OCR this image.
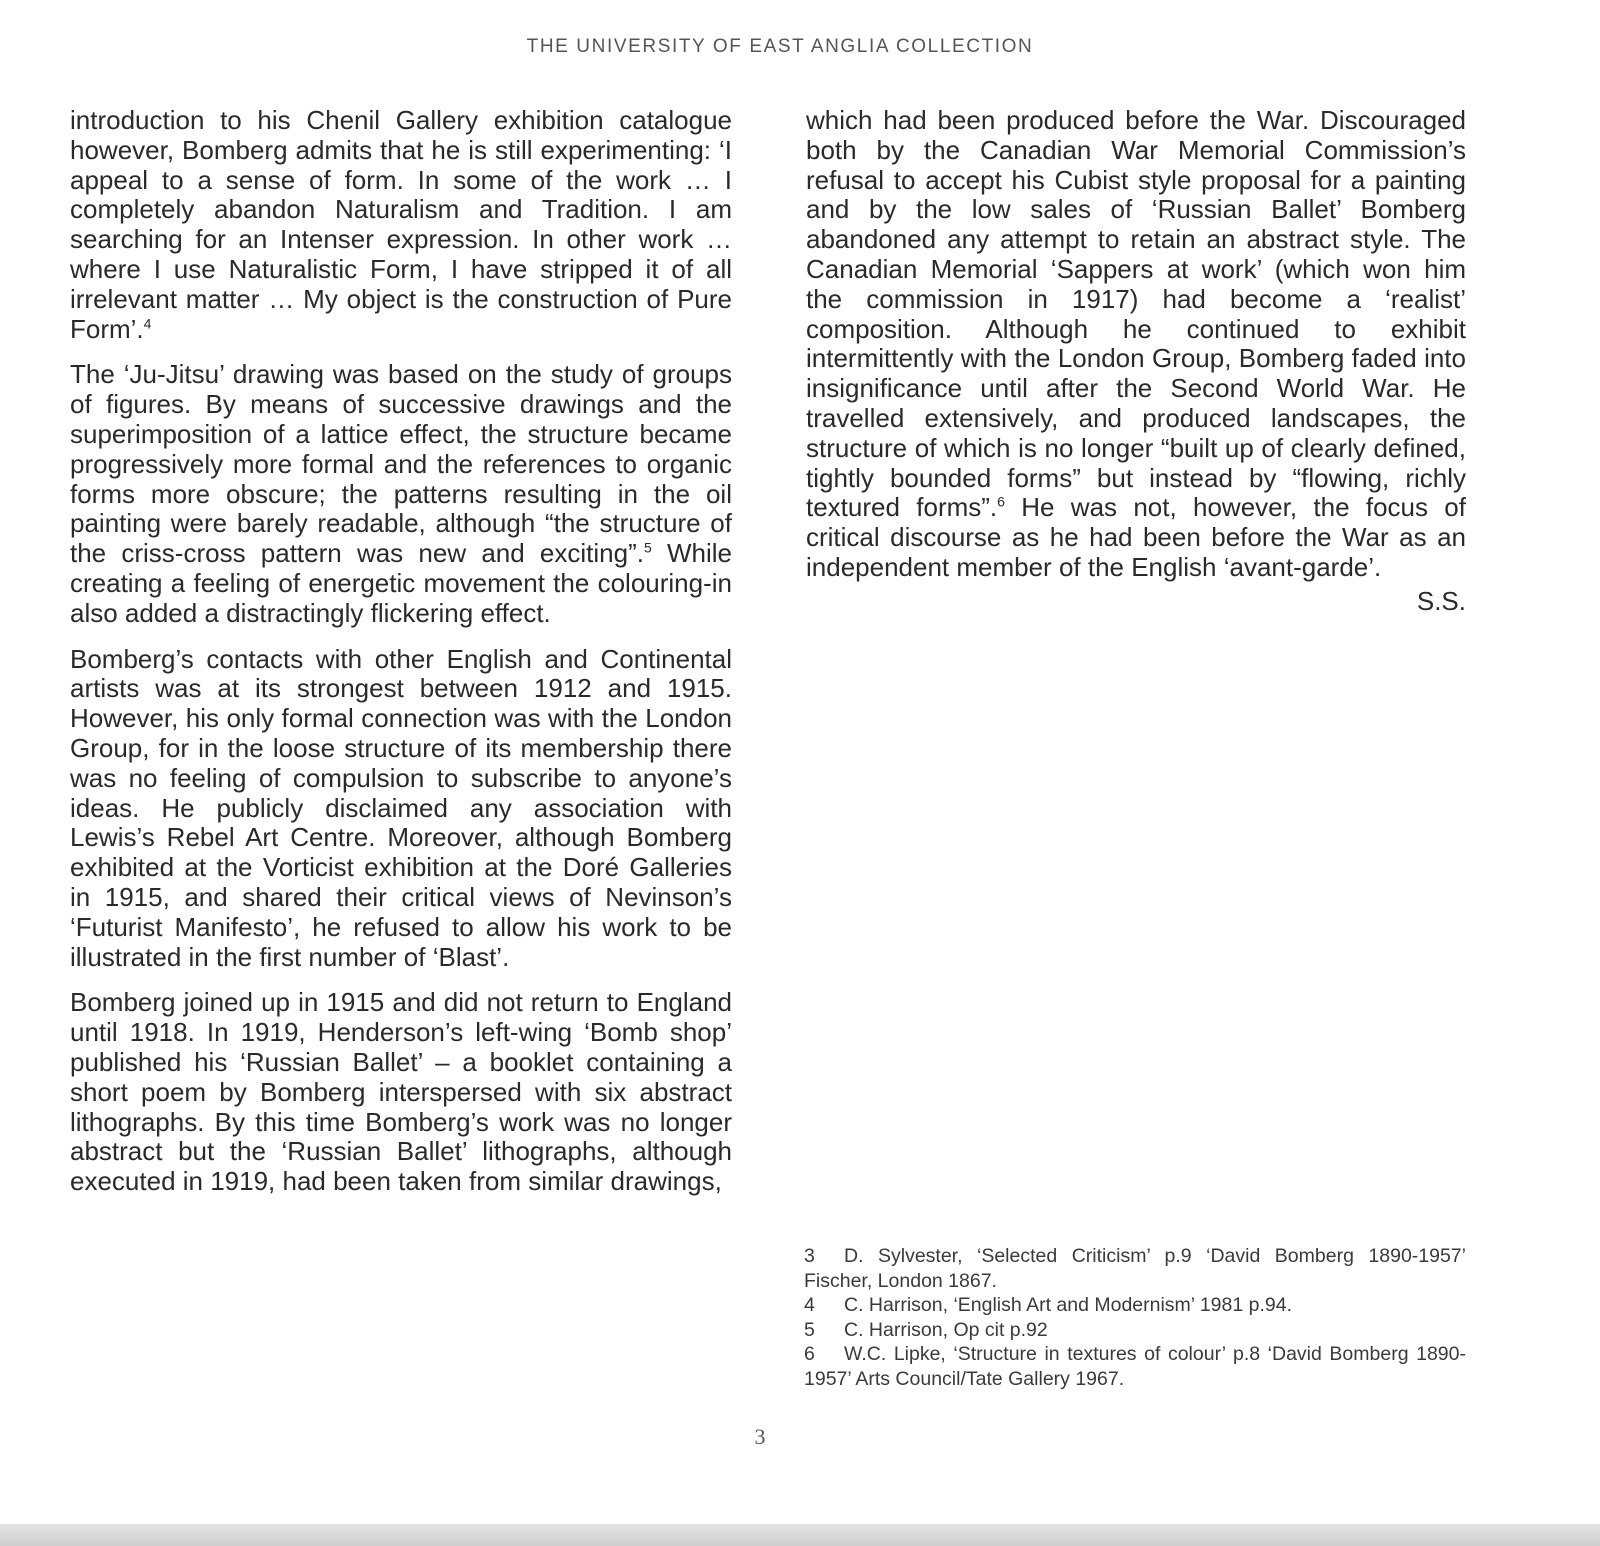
THE UNIVERSITY OF EAST ANGLIA COLLECTION

introduction to his Chenil Gallery exhibition catalogue however, Bomberg admits that he is still experimenting: ‘I appeal to a sense of form. In some of the work … I completely abandon Naturalism and Tradition. I am searching for an Intenser expression. In other work … where I use Naturalistic Form, I have stripped it of all irrelevant matter … My object is the construction of Pure Form’.$^4$

The ‘Ju-Jitsu’ drawing was based on the study of groups of figures. By means of successive drawings and the superimposition of a lattice effect, the structure became progressively more formal and the references to organic forms more obscure; the patterns resulting in the oil painting were barely readable, although “the structure of the criss-cross pattern was new and exciting”.$^5$ While creating a feeling of energetic movement the colouring-in also added a distractingly flickering effect.

Bomberg’s contacts with other English and Continental artists was at its strongest between 1912 and 1915. However, his only formal connection was with the London Group, for in the loose structure of its membership there was no feeling of compulsion to subscribe to anyone’s ideas. He publicly disclaimed any association with Lewis’s Rebel Art Centre. Moreover, although Bomberg exhibited at the Vorticist exhibition at the Doré Galleries in 1915, and shared their critical views of Nevinson’s ‘Futurist Manifesto’, he refused to allow his work to be illustrated in the first number of ‘Blast’.

Bomberg joined up in 1915 and did not return to England until 1918. In 1919, Henderson’s left-wing ‘Bomb shop’ published his ‘Russian Ballet’ – a booklet containing a short poem by Bomberg interspersed with six abstract lithographs. By this time Bomberg’s work was no longer abstract but the ‘Russian Ballet’ lithographs, although executed in 1919, had been taken from similar drawings,

which had been produced before the War. Discouraged both by the Canadian War Memorial Commission’s refusal to accept his Cubist style proposal for a painting and by the low sales of ‘Russian Ballet’ Bomberg abandoned any attempt to retain an abstract style. The Canadian Memorial ‘Sappers at work’ (which won him the commission in 1917) had become a ‘realist’ composition. Although he continued to exhibit intermittently with the London Group, Bomberg faded into insignificance until after the Second World War. He travelled extensively, and produced landscapes, the structure of which is no longer “built up of clearly defined, tightly bounded forms” but instead by “flowing, richly textured forms”.$^6$ He was not, however, the focus of critical discourse as he had been before the War as an independent member of the English ‘avant-garde’.

S.S.

3 D. Sylvester, ‘Selected Criticism’ p.9 ‘David Bomberg 1890-1957’ Fischer, London 1867.

4 C. Harrison, ‘English Art and Modernism’ 1981 p.94.

5 C. Harrison, Op cit p.92

6 W.C. Lipke, ‘Structure in textures of colour’ p.8 ‘David Bomberg 1890-1957’ Arts Council/Tate Gallery 1967.

3
